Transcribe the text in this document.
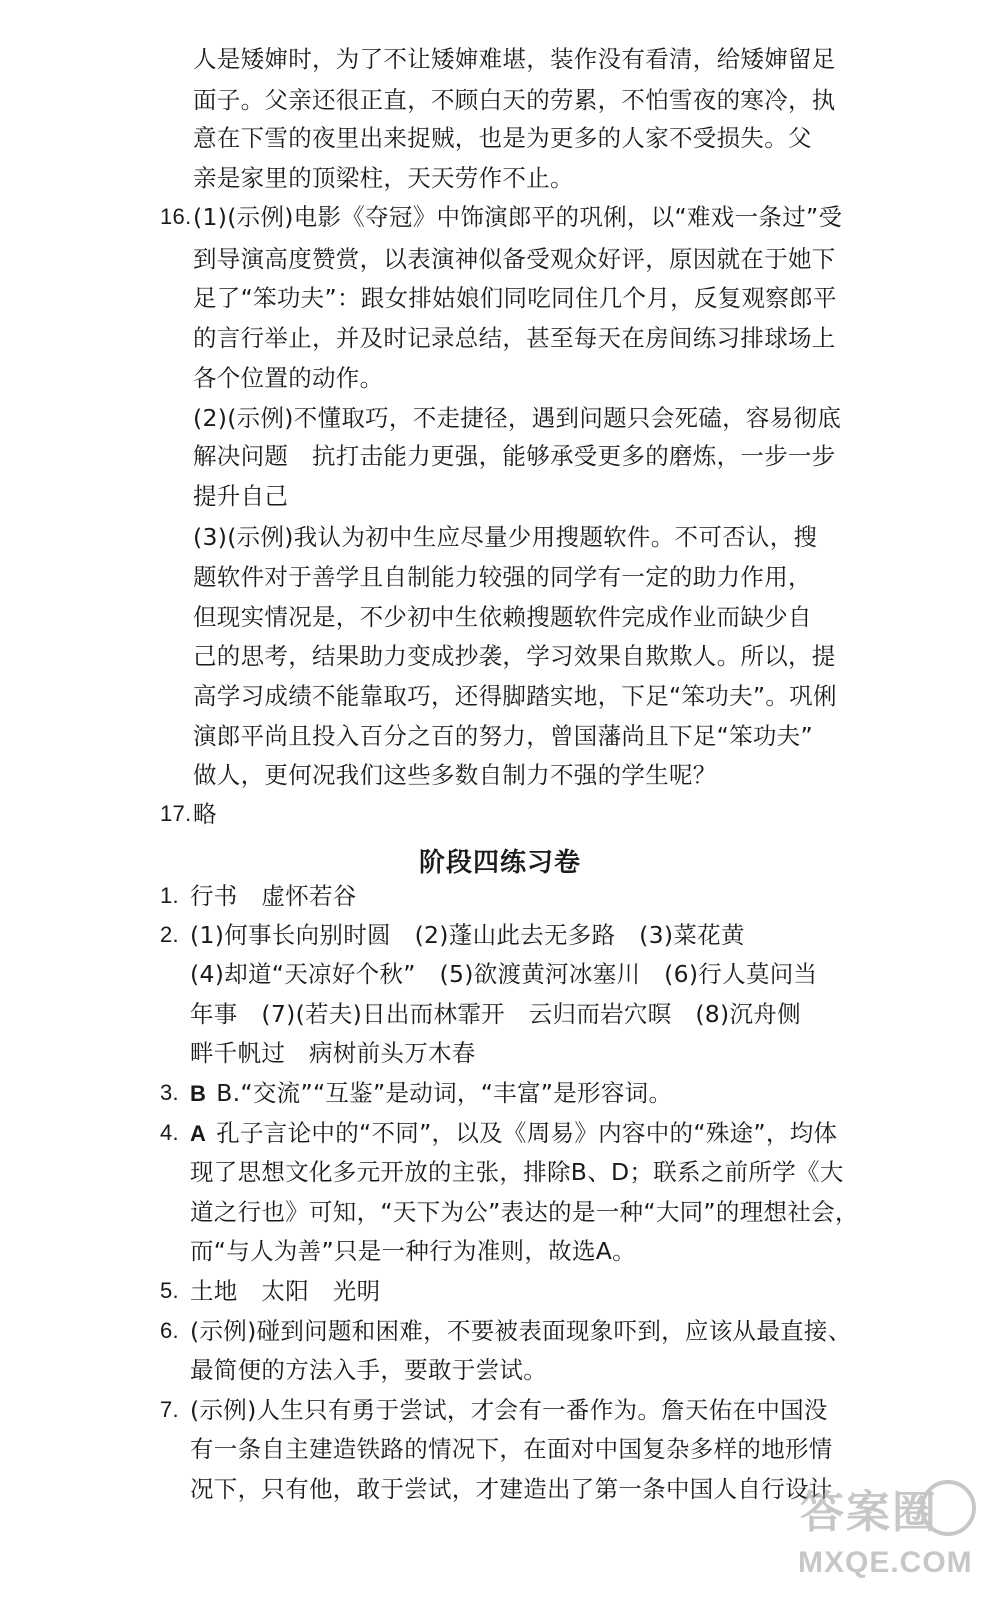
人是矮婶时，为了不让矮婶难堪，装作没有看清，给矮婶留足
面子。父亲还很正直，不顾白天的劳累，不怕雪夜的寒冷，执
意在下雪的夜里出来捉贼，也是为更多的人家不受损失。父
亲是家里的顶梁柱，天天劳作不止。
16. (1)(示例)电影《夺冠》中饰演郎平的巩俐，以“难戏一条过”受
到导演高度赞赏，以表演神似备受观众好评，原因就在于她下
足了“笨功夫”：跟女排姑娘们同吃同住几个月，反复观察郎平
的言行举止，并及时记录总结，甚至每天在房间练习排球场上
各个位置的动作。
(2)(示例)不懂取巧，不走捷径，遇到问题只会死磕，容易彻底
解决问题　抗打击能力更强，能够承受更多的磨炼，一步一步
提升自己
(3)(示例)我认为初中生应尽量少用搜题软件。不可否认，搜
题软件对于善学且自制能力较强的同学有一定的助力作用，
但现实情况是，不少初中生依赖搜题软件完成作业而缺少自
己的思考，结果助力变成抄袭，学习效果自欺欺人。所以，提
高学习成绩不能靠取巧，还得脚踏实地，下足“笨功夫”。巩俐
演郎平尚且投入百分之百的努力，曾国藩尚且下足“笨功夫”
做人，更何况我们这些多数自制力不强的学生呢？
17. 略
阶段四练习卷
1. 行书　虚怀若谷
2. (1)何事长向别时圆　(2)蓬山此去无多路　(3)菜花黄
(4)却道“天凉好个秋”　(5)欲渡黄河冰塞川　(6)行人莫问当
年事　(7)(若夫)日出而林霏开　云归而岩穴暝　(8)沉舟侧
畔千帆过　病树前头万木春
3. B B.“交流”“互鉴”是动词，“丰富”是形容词。
4. A 孔子言论中的“不同”，以及《周易》内容中的“殊途”，均体
现了思想文化多元开放的主张，排除B、D；联系之前所学《大
道之行也》可知，“天下为公”表达的是一种“大同”的理想社会，
而“与人为善”只是一种行为准则，故选A。
5. 土地　太阳　光明
6. (示例)碰到问题和困难，不要被表面现象吓到，应该从最直接、
最简便的方法入手，要敢于尝试。
7. (示例)人生只有勇于尝试，才会有一番作为。詹天佑在中国没
有一条自主建造铁路的情况下，在面对中国复杂多样的地形情
况下，只有他，敢于尝试，才建造出了第一条中国人自行设计
答案圈
MXQE.COM
